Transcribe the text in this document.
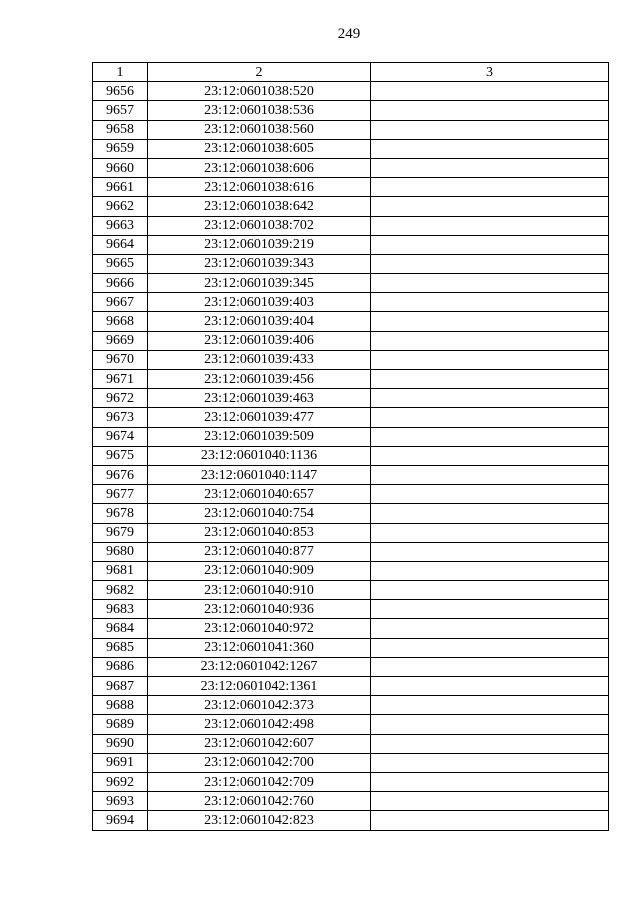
249
1	2	3
9656	23:12:0601038:520	
9657	23:12:0601038:536	
9658	23:12:0601038:560	
9659	23:12:0601038:605	
9660	23:12:0601038:606	
9661	23:12:0601038:616	
9662	23:12:0601038:642	
9663	23:12:0601038:702	
9664	23:12:0601039:219	
9665	23:12:0601039:343	
9666	23:12:0601039:345	
9667	23:12:0601039:403	
9668	23:12:0601039:404	
9669	23:12:0601039:406	
9670	23:12:0601039:433	
9671	23:12:0601039:456	
9672	23:12:0601039:463	
9673	23:12:0601039:477	
9674	23:12:0601039:509	
9675	23:12:0601040:1136	
9676	23:12:0601040:1147	
9677	23:12:0601040:657	
9678	23:12:0601040:754	
9679	23:12:0601040:853	
9680	23:12:0601040:877	
9681	23:12:0601040:909	
9682	23:12:0601040:910	
9683	23:12:0601040:936	
9684	23:12:0601040:972	
9685	23:12:0601041:360	
9686	23:12:0601042:1267	
9687	23:12:0601042:1361	
9688	23:12:0601042:373	
9689	23:12:0601042:498	
9690	23:12:0601042:607	
9691	23:12:0601042:700	
9692	23:12:0601042:709	
9693	23:12:0601042:760	
9694	23:12:0601042:823	
